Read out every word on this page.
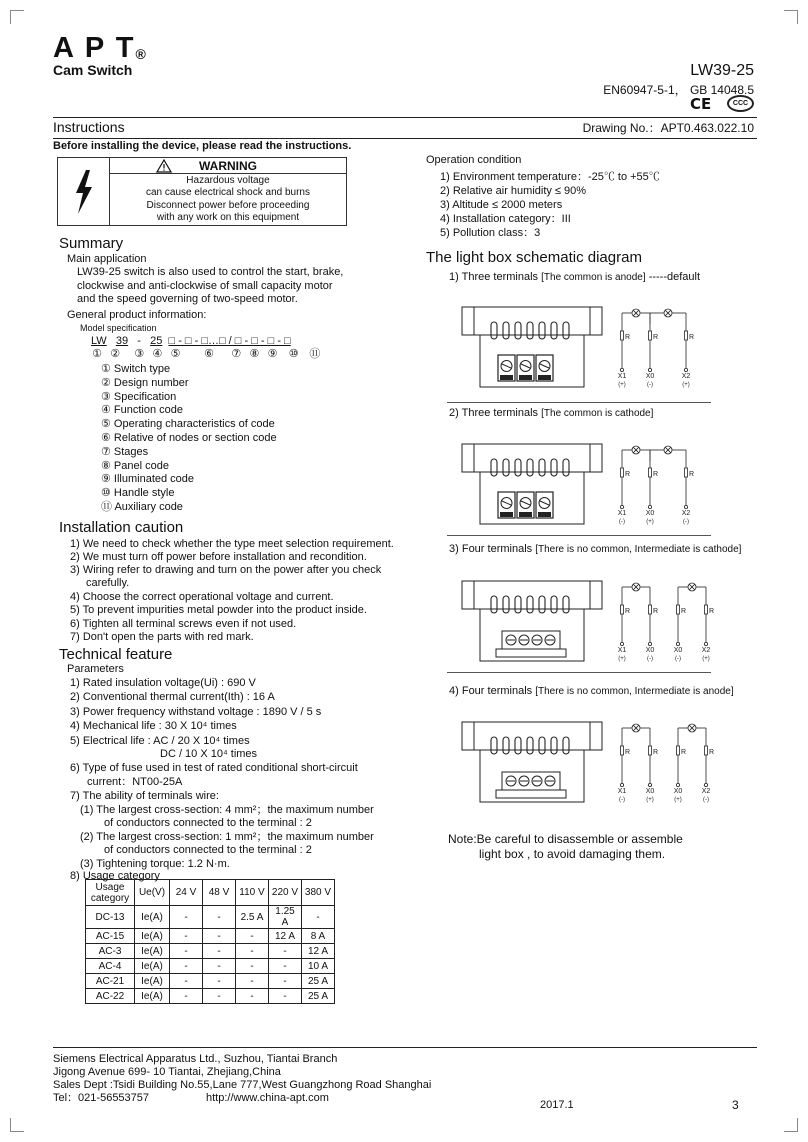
A P T®
Cam Switch	LW39-25
EN60947-5-1， GB 14048.5
CE	CCC
Instructions	Drawing No.：APT0.463.022.10
Before installing the device, please read the instructions.
WARNING
Hazardous voltage
can cause electrical shock and burns
Disconnect power before proceeding
with any work on this equipment
Summary
Main application
LW39-25 switch is also used to control the start, brake,
clockwise and anti-clockwise of small capacity motor
and the speed governing of two-speed motor.
General product information:
Model specification
LW 39 - 25 □ - □ - □…□ / □ - □ - □ - □
① ② ③ ④ ⑤ ⑥ ⑦ ⑧ ⑨ ⑩ ⑪
① Switch type
② Design number
③ Specification
④ Function code
⑤ Operating characteristics of code
⑥ Relative of nodes or section code
⑦ Stages
⑧ Panel code
⑨ Illuminated code
⑩ Handle style
⑪ Auxiliary code
Installation caution
1) We need to check whether the type meet selection requirement.
2) We must turn off power before installation and recondition.
3) Wiring refer to drawing and turn on the power after you check
carefully.
4) Choose the correct operational voltage and current.
5) To prevent impurities metal powder into the product inside.
6) Tighten all terminal screws even if not used.
7) Don't open the parts with red mark.
Technical feature
Parameters
1) Rated insulation voltage(Ui) : 690 V
2) Conventional thermal current(Ith) : 16 A
3) Power frequency withstand voltage : 1890 V / 5 s
4) Mechanical life : 30 X 10⁴ times
5) Electrical life : AC / 20 X 10⁴ times
DC / 10 X 10⁴ times
6) Type of fuse used in test of rated conditional short-circuit
current：NT00-25A
7) The ability of terminals wire:
(1) The largest cross-section: 4 mm²；the maximum number
of conductors connected to the terminal : 2
(2) The largest cross-section: 1 mm²；the maximum number
of conductors connected to the terminal : 2
(3) Tightening torque: 1.2 N·m.
8) Usage category
Usage category	Ue(V)	24 V	48 V	110 V	220 V	380 V
DC-13	Ie(A)	-	-	2.5 A	1.25 A	-
AC-15	Ie(A)	-	-	-	12 A	8 A
AC-3	Ie(A)	-	-	-	-	12 A
AC-4	Ie(A)	-	-	-	-	10 A
AC-21	Ie(A)	-	-	-	-	25 A
AC-22	Ie(A)	-	-	-	-	25 A
Operation condition
1) Environment temperature：-25℃ to +55℃
2) Relative air humidity ≤ 90%
3) Altitude ≤ 2000 meters
4) Installation category：III
5) Pollution class：3
The light box schematic diagram
1) Three terminals [The common is anode] -----default
2) Three terminals [The common is cathode]
3) Four terminals [There is no common, Intermediate is cathode]
4) Four terminals [There is no common, Intermediate is anode]
R
X1
(+)
R
X0
(-)
R
X2
(+)
R
X1
(-)
R
X0
(+)
R
X2
(-)
R
X1
(+)
R
X0
(-)
R
X0
(-)
R
X2
(+)
R
X1
(-)
R
X0
(+)
R
X0
(+)
R
X2
(-)
Note:Be careful to disassemble or assemble
light box , to avoid damaging them.
Siemens Electrical Apparatus Ltd., Suzhou, Tiantai Branch
Jigong Avenue 699- 10 Tiantai, Zhejiang,China
Sales Dept :Tsidi Building No.55,Lane 777,West Guangzhong Road Shanghai
Tel：021-56553757	http://www.china-apt.com
2017.1	3
